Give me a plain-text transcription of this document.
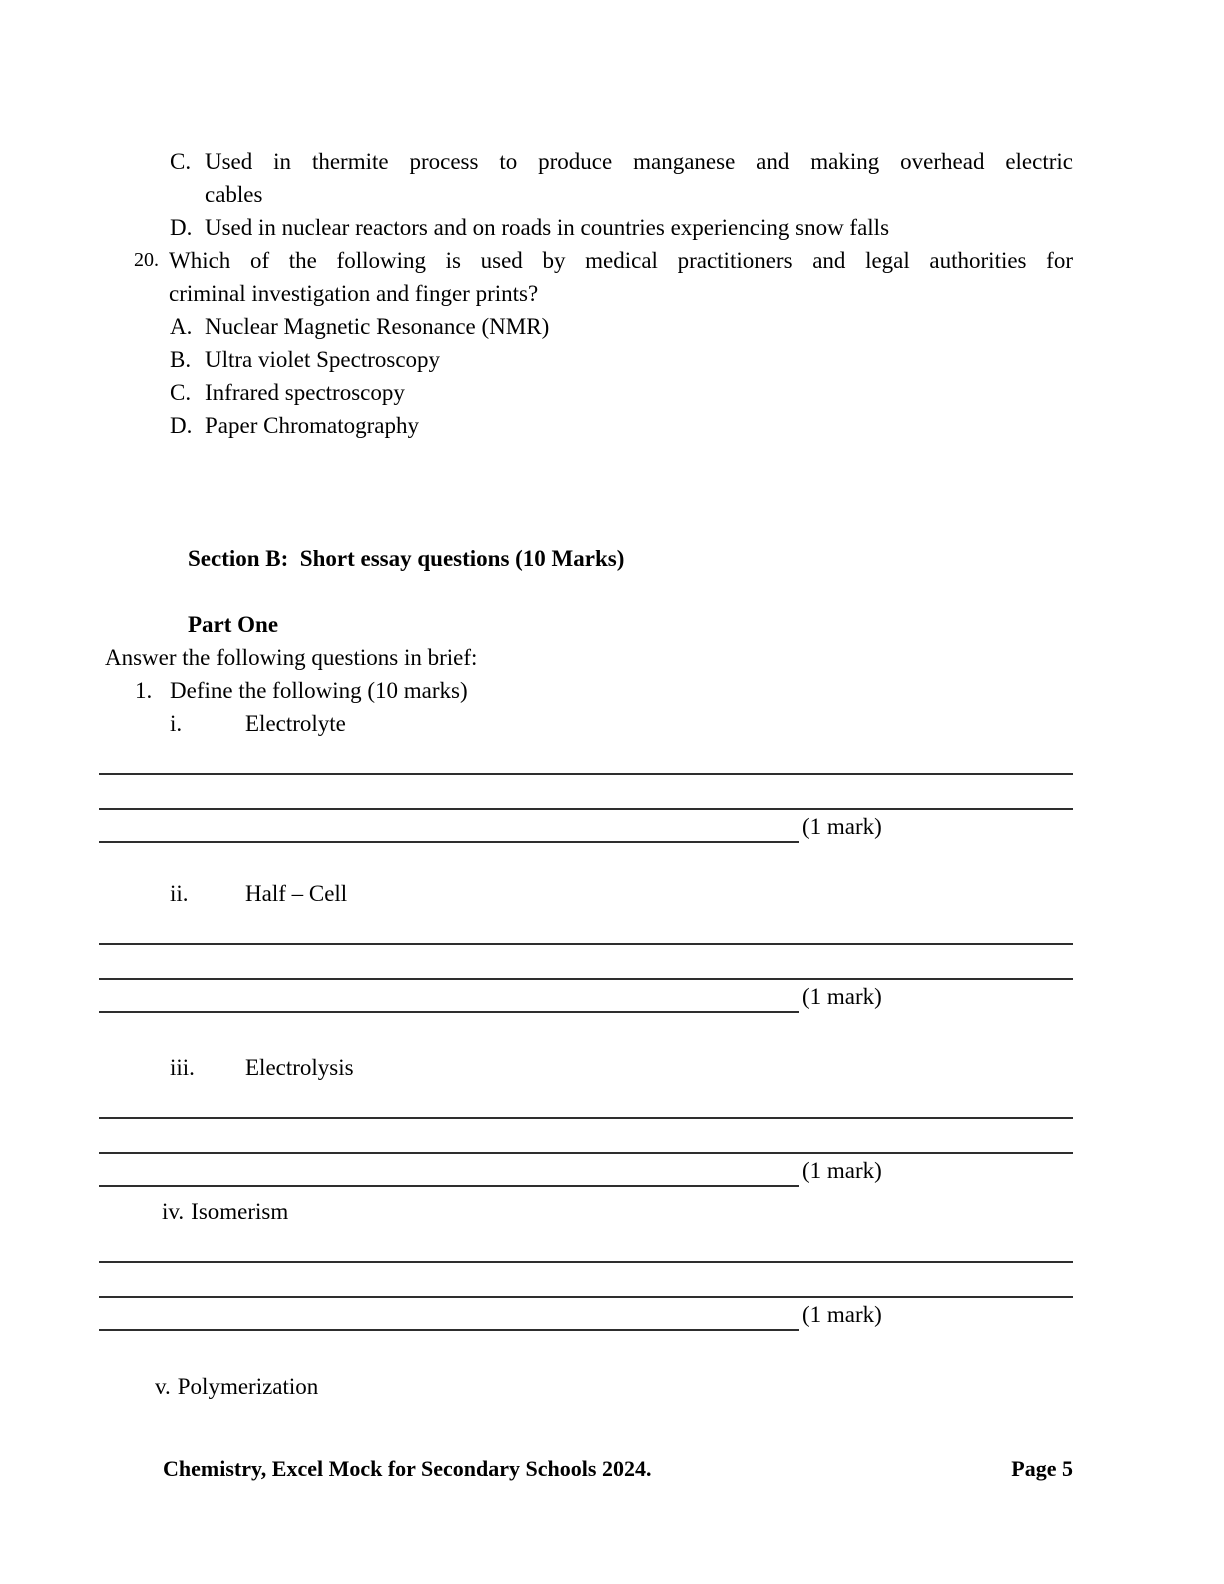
C. Used in thermite process to produce manganese and making overhead electric
cables
D. Used in nuclear reactors and on roads in countries experiencing snow falls
20. Which of the following is used by medical practitioners and legal authorities for
criminal investigation and finger prints?
A. Nuclear Magnetic Resonance (NMR)
B. Ultra violet Spectroscopy
C. Infrared spectroscopy
D. Paper Chromatography
Section B:  Short essay questions (10 Marks)
Part One
Answer the following questions in brief:
1. Define the following (10 marks)
i.	Electrolyte
(1 mark)
ii.	Half – Cell
(1 mark)
iii.	Electrolysis
(1 mark)
iv. Isomerism
(1 mark)
v. Polymerization
Chemistry, Excel Mock for Secondary Schools 2024.	Page 5
